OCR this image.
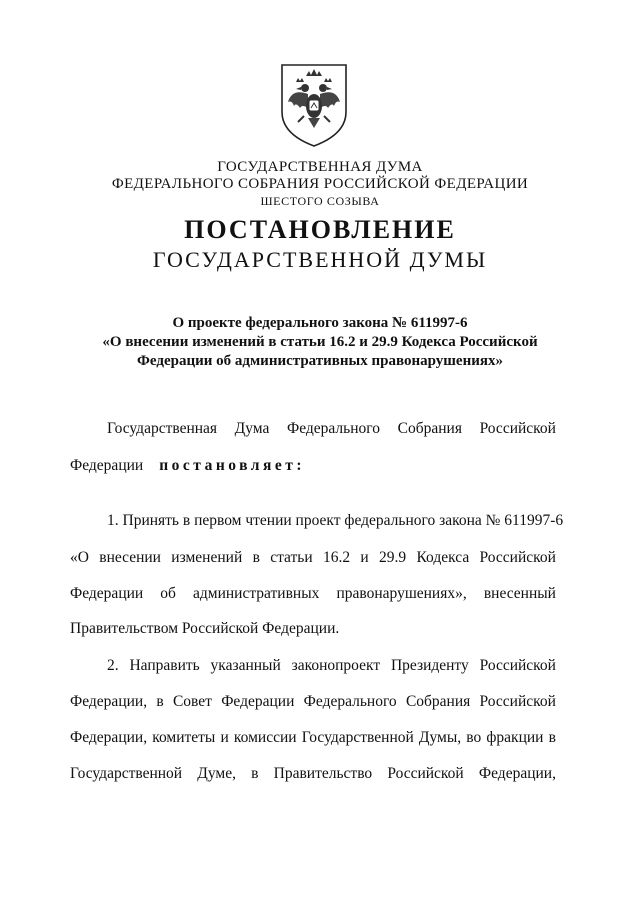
ГОСУДАРСТВЕННАЯ ДУМА
ФЕДЕРАЛЬНОГО СОБРАНИЯ РОССИЙСКОЙ ФЕДЕРАЦИИ
ШЕСТОГО СОЗЫВА
ПОСТАНОВЛЕНИЕ
ГОСУДАРСТВЕННОЙ ДУМЫ
О проекте федерального закона № 611997-6
«О внесении изменений в статьи 16.2 и 29.9 Кодекса Российской
Федерации об административных правонарушениях»
Государственная Дума Федерального Собрания Российской
Федерации постановляет:
1. Принять в первом чтении проект федерального закона № 611997-6
«О внесении изменений в статьи 16.2 и 29.9 Кодекса Российской
Федерации об административных правонарушениях», внесенный
Правительством Российской Федерации.
2. Направить указанный законопроект Президенту Российской
Федерации, в Совет Федерации Федерального Собрания Российской
Федерации, комитеты и комиссии Государственной Думы, во фракции в
Государственной Думе, в Правительство Российской Федерации,
